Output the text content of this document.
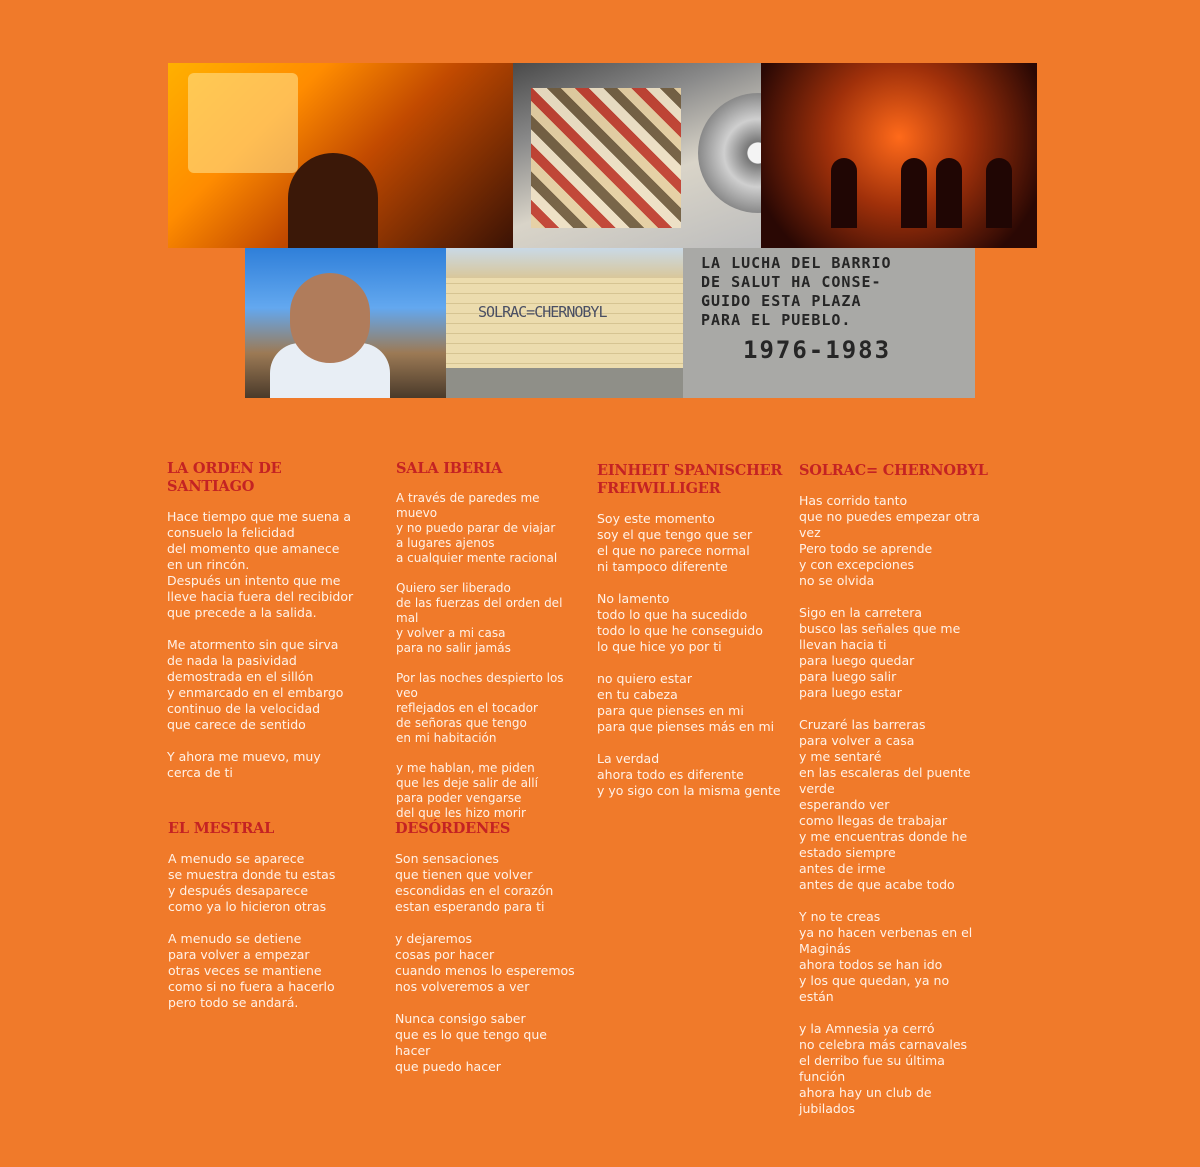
SOLRAC=CHERNOBYL
LA LUCHA DEL BARRIO
DE SALUT HA CONSE-
GUIDO ESTA PLAZA
PARA EL PUEBLO.
1976-1983
LA ORDEN DE SANTIAGO
Hace tiempo que me suena a
consuelo la felicidad
del momento que amanece
en un rincón.
Después un intento que me
lleve hacia fuera del recibidor
que precede a la salida.
Me atormento sin que sirva
de nada la pasividad
demostrada en el sillón
y enmarcado en el embargo
continuo de la velocidad
que carece de sentido
Y ahora me muevo, muy
cerca de ti
SALA IBERIA
A través de paredes me
muevo
y no puedo parar de viajar
a lugares ajenos
a cualquier mente racional
Quiero ser liberado
de las fuerzas del orden del
mal
y volver a mi casa
para no salir jamás
Por las noches despierto los
veo
reflejados en el tocador
de señoras que tengo
en mi habitación
y me hablan, me piden
que les deje salir de allí
para poder vengarse
del que les hizo morir
EINHEIT SPANISCHER FREIWILLIGER
Soy este momento
soy el que tengo que ser
el que no parece normal
ni tampoco diferente
No lamento
todo lo que ha sucedido
todo lo que he conseguido
lo que hice yo por ti
no quiero estar
en tu cabeza
para que pienses en mi
para que pienses más en mi
La verdad
ahora todo es diferente
y yo sigo con la misma gente
SOLRAC= CHERNOBYL
Has corrido tanto
que no puedes empezar otra
vez
Pero todo se aprende
y con excepciones
no se olvida
Sigo en la carretera
busco las señales que me
llevan hacia ti
para luego quedar
para luego salir
para luego estar
Cruzaré las barreras
para volver a casa
y me sentaré
en las escaleras del puente
verde
esperando ver
como llegas de trabajar
y me encuentras donde he
estado siempre
antes de irme
antes de que acabe todo
Y no te creas
ya no hacen verbenas en el
Maginás
ahora todos se han ido
y los que quedan, ya no
están
y la Amnesia ya cerró
no celebra más carnavales
el derribo fue su última
función
ahora hay un club de
jubilados
EL MESTRAL
A menudo se aparece
se muestra donde tu estas
y después desaparece
como ya lo hicieron otras
A menudo se detiene
para volver a empezar
otras veces se mantiene
como si no fuera a hacerlo
pero todo se andará.
DESÓRDENES
Son sensaciones
que tienen que volver
escondidas en el corazón
estan esperando para ti
y dejaremos
cosas por hacer
cuando menos lo esperemos
nos volveremos a ver
Nunca consigo saber
que es lo que tengo que
hacer
que puedo hacer
